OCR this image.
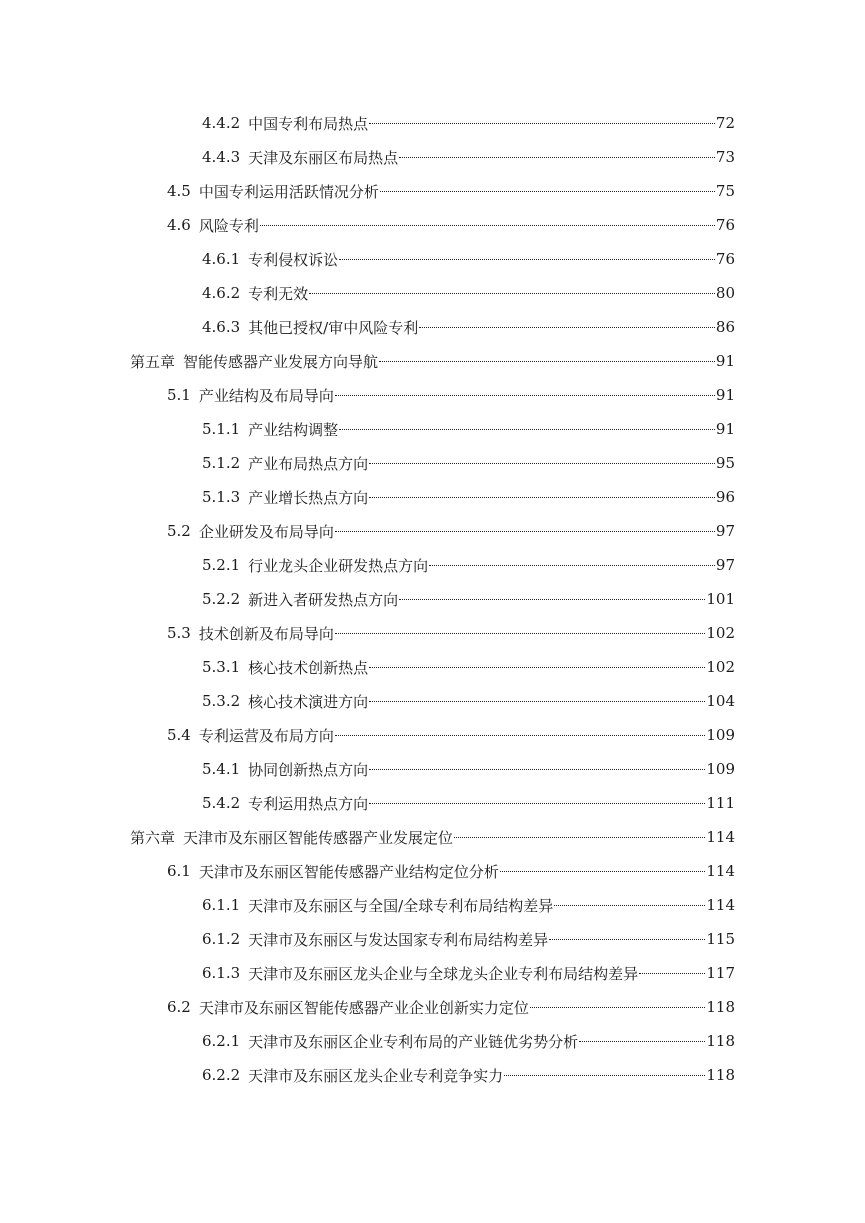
4.4.2 中国专利布局热点	72
4.4.3 天津及东丽区布局热点	73
4.5 中国专利运用活跃情况分析	75
4.6 风险专利	76
4.6.1 专利侵权诉讼	76
4.6.2 专利无效	80
4.6.3 其他已授权/审中风险专利	86
第五章 智能传感器产业发展方向导航	91
5.1 产业结构及布局导向	91
5.1.1 产业结构调整	91
5.1.2 产业布局热点方向	95
5.1.3 产业增长热点方向	96
5.2 企业研发及布局导向	97
5.2.1 行业龙头企业研发热点方向	97
5.2.2 新进入者研发热点方向	101
5.3 技术创新及布局导向	102
5.3.1 核心技术创新热点	102
5.3.2 核心技术演进方向	104
5.4 专利运营及布局方向	109
5.4.1 协同创新热点方向	109
5.4.2 专利运用热点方向	111
第六章 天津市及东丽区智能传感器产业发展定位	114
6.1 天津市及东丽区智能传感器产业结构定位分析	114
6.1.1 天津市及东丽区与全国/全球专利布局结构差异	114
6.1.2 天津市及东丽区与发达国家专利布局结构差异	115
6.1.3 天津市及东丽区龙头企业与全球龙头企业专利布局结构差异	117
6.2 天津市及东丽区智能传感器产业企业创新实力定位	118
6.2.1 天津市及东丽区企业专利布局的产业链优劣势分析	118
6.2.2 天津市及东丽区龙头企业专利竞争实力	118
